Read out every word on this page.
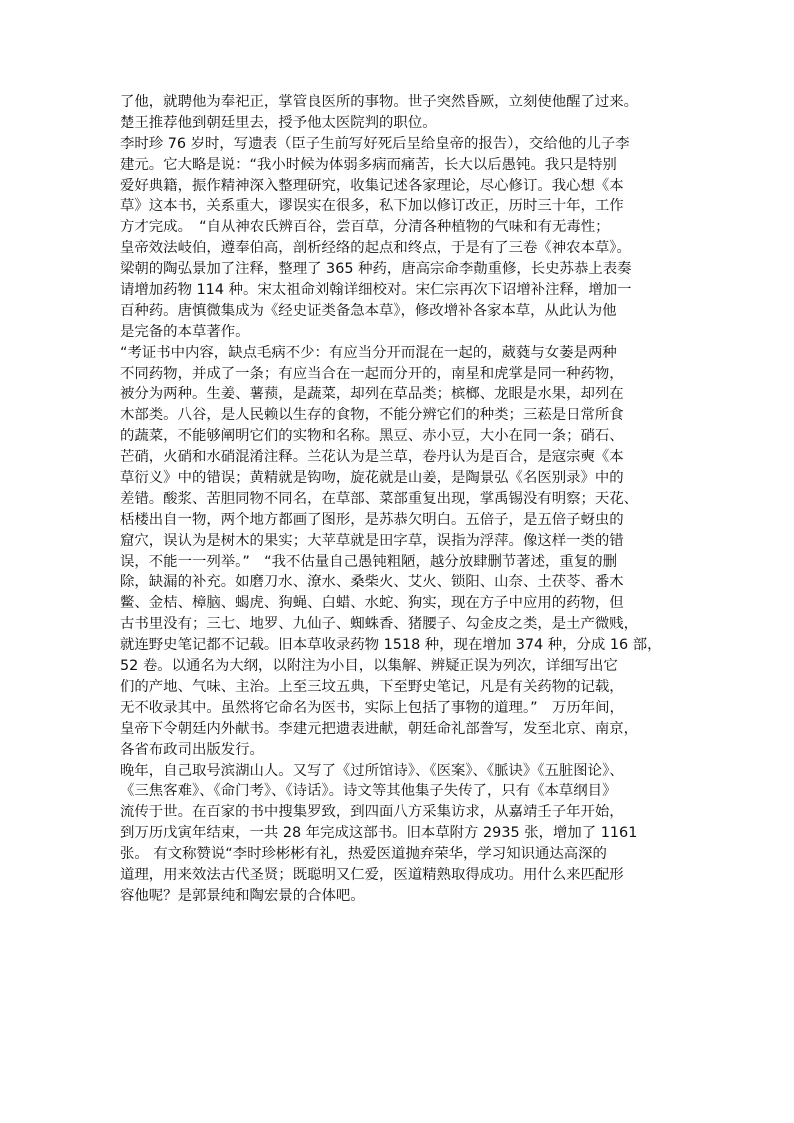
了他，就聘他为奉祀正，掌管良医所的事物。世子突然昏厥，立刻使他醒了过来。
楚王推荐他到朝廷里去，授予他太医院判的职位。
李时珍 76 岁时，写遗表（臣子生前写好死后呈给皇帝的报告），交给他的儿子李
建元。它大略是说：“我小时候为体弱多病而痛苦，长大以后愚钝。我只是特别
爱好典籍，振作精神深入整理研究，收集记述各家理论，尽心修订。我心想《本
草》这本书，关系重大，谬误实在很多，私下加以修订改正，历时三十年，工作
方才完成。　“自从神农氏辨百谷，尝百草，分清各种植物的气味和有无毒性；
皇帝效法岐伯，遵奉伯高，剖析经络的起点和终点，于是有了三卷《神农本草》。
梁朝的陶弘景加了注释，整理了 365 种药，唐高宗命李勣重修，长史苏恭上表奏
请增加药物 114 种。宋太祖命刘翰详细校对。宋仁宗再次下诏增补注释，增加一
百种药。唐慎微集成为《经史证类备急本草》，修改增补各家本草，从此认为他
是完备的本草著作。
“考证书中内容，缺点毛病不少：有应当分开而混在一起的，葳蕤与女萎是两种
不同药物，并成了一条；有应当合在一起而分开的，南星和虎掌是同一种药物，
被分为两种。生姜、薯蓣，是蔬菜，却列在草品类；槟榔、龙眼是水果，却列在
木部类。八谷，是人民赖以生存的食物，不能分辨它们的种类；三菘是日常所食
的蔬菜，不能够阐明它们的实物和名称。黑豆、赤小豆，大小在同一条；硝石、
芒硝，火硝和水硝混淆注释。兰花认为是兰草，卷丹认为是百合，是寇宗奭《本
草衍义》中的错误；黄精就是钩吻，旋花就是山姜，是陶景弘《名医别录》中的
差错。酸浆、苦胆同物不同名，在草部、菜部重复出现，掌禹锡没有明察；天花、
栝楼出自一物，两个地方都画了图形，是苏恭欠明白。五倍子，是五倍子蚜虫的
窟穴，误认为是树木的果实；大苹草就是田字草，误指为浮萍。像这样一类的错
误，不能一一列举。”　“我不估量自己愚钝粗陋，越分放肆删节著述，重复的删
除，缺漏的补充。如磨刀水、潦水、桑柴火、艾火、锁阳、山奈、土茯苓、番木
鳖、金桔、樟脑、蝎虎、狗蝇、白蜡、水蛇、狗实，现在方子中应用的药物，但
古书里没有；三七、地罗、九仙子、蜘蛛香、猪腰子、勾金皮之类，是土产微贱，
就连野史笔记都不记载。旧本草收录药物 1518 种，现在增加 374 种，分成 16 部，
52 卷。以通名为大纲，以附注为小目，以集解、辨疑正误为列次，详细写出它
们的产地、气味、主治。上至三坟五典，下至野史笔记，凡是有关药物的记载，
无不收录其中。虽然将它命名为医书，实际上包括了事物的道理。”　万历年间，
皇帝下令朝廷内外献书。李建元把遗表进献，朝廷命礼部誊写，发至北京、南京，
各省布政司出版发行。
晚年，自己取号滨湖山人。又写了《过所馆诗》、《医案》、《脈诀》《五脏图论》、
《三焦客难》、《命门考》、《诗话》。诗文等其他集子失传了，只有《本草纲目》
流传于世。在百家的书中搜集罗致，到四面八方采集访求，从嘉靖壬子年开始，
到万历戊寅年结束，一共 28 年完成这部书。旧本草附方 2935 张，增加了 1161
张。 有文称赞说“李时珍彬彬有礼，热爱医道抛弃荣华，学习知识通达高深的
道理，用来效法古代圣贤；既聪明又仁爱，医道精熟取得成功。用什么来匹配形
容他呢？是郭景纯和陶宏景的合体吧。
